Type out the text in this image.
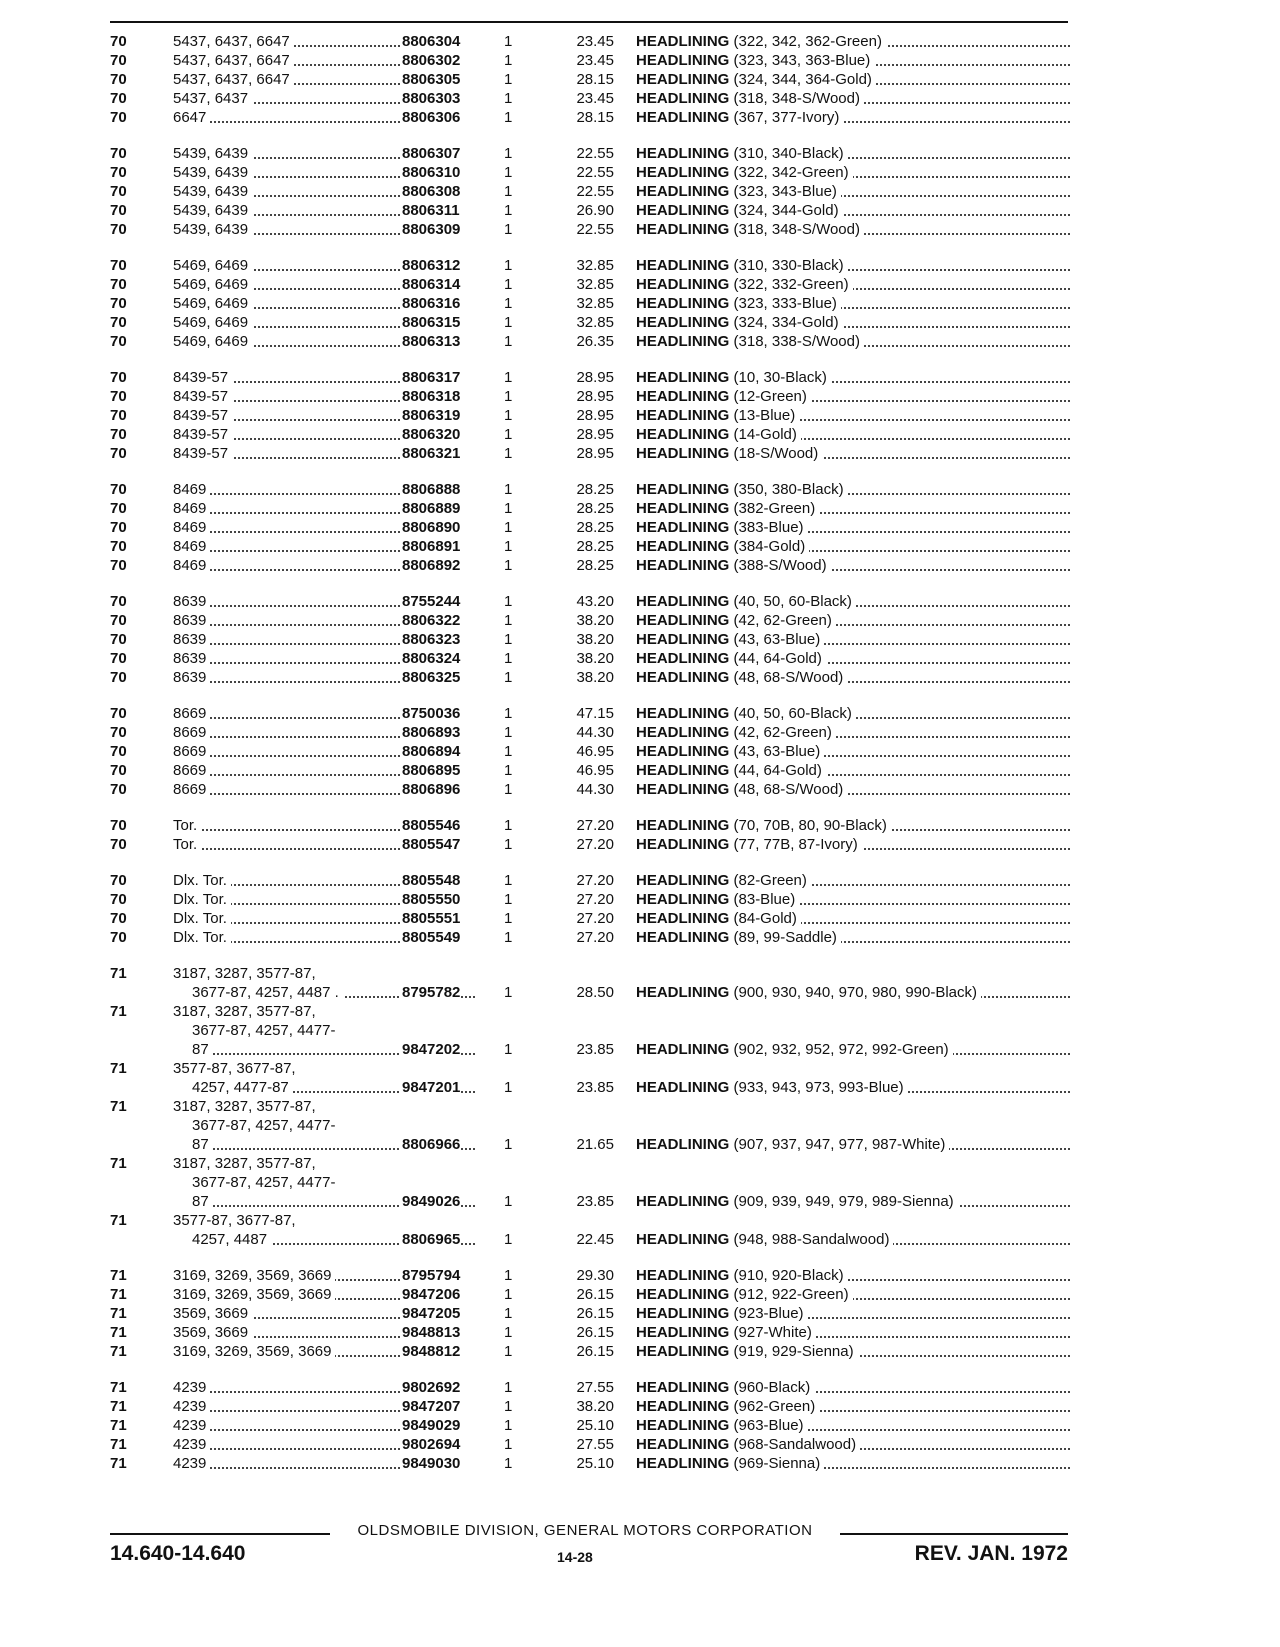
70	5437, 6437, 6647	8806304	1	23.45 HEADLINING (322, 342, 362-Green)
70	5437, 6437, 6647	8806302	1	23.45 HEADLINING (323, 343, 363-Blue)
70	5437, 6437, 6647	8806305	1	28.15 HEADLINING (324, 344, 364-Gold)
70	5437, 6437	8806303	1	23.45 HEADLINING (318, 348-S/Wood)
70	6647	8806306	1	28.15 HEADLINING (367, 377-Ivory)
70	5439, 6439	8806307	1	22.55 HEADLINING (310, 340-Black)
70	5439, 6439	8806310	1	22.55 HEADLINING (322, 342-Green)
70	5439, 6439	8806308	1	22.55 HEADLINING (323, 343-Blue)
70	5439, 6439	8806311	1	26.90 HEADLINING (324, 344-Gold)
70	5439, 6439	8806309	1	22.55 HEADLINING (318, 348-S/Wood)
70	5469, 6469	8806312	1	32.85 HEADLINING (310, 330-Black)
70	5469, 6469	8806314	1	32.85 HEADLINING (322, 332-Green)
70	5469, 6469	8806316	1	32.85 HEADLINING (323, 333-Blue)
70	5469, 6469	8806315	1	32.85 HEADLINING (324, 334-Gold)
70	5469, 6469	8806313	1	26.35 HEADLINING (318, 338-S/Wood)
70	8439-57	8806317	1	28.95 HEADLINING (10, 30-Black)
70	8439-57	8806318	1	28.95 HEADLINING (12-Green)
70	8439-57	8806319	1	28.95 HEADLINING (13-Blue)
70	8439-57	8806320	1	28.95 HEADLINING (14-Gold)
70	8439-57	8806321	1	28.95 HEADLINING (18-S/Wood)
70	8469	8806888	1	28.25 HEADLINING (350, 380-Black)
70	8469	8806889	1	28.25 HEADLINING (382-Green)
70	8469	8806890	1	28.25 HEADLINING (383-Blue)
70	8469	8806891	1	28.25 HEADLINING (384-Gold)
70	8469	8806892	1	28.25 HEADLINING (388-S/Wood)
70	8639	8755244	1	43.20 HEADLINING (40, 50, 60-Black)
70	8639	8806322	1	38.20 HEADLINING (42, 62-Green)
70	8639	8806323	1	38.20 HEADLINING (43, 63-Blue)
70	8639	8806324	1	38.20 HEADLINING (44, 64-Gold)
70	8639	8806325	1	38.20 HEADLINING (48, 68-S/Wood)
70	8669	8750036	1	47.15 HEADLINING (40, 50, 60-Black)
70	8669	8806893	1	44.30 HEADLINING (42, 62-Green)
70	8669	8806894	1	46.95 HEADLINING (43, 63-Blue)
70	8669	8806895	1	46.95 HEADLINING (44, 64-Gold)
70	8669	8806896	1	44.30 HEADLINING (48, 68-S/Wood)
70	Tor.	8805546	1	27.20 HEADLINING (70, 70B, 80, 90-Black)
70	Tor.	8805547	1	27.20 HEADLINING (77, 77B, 87-Ivory)
70	Dlx. Tor.	8805548	1	27.20 HEADLINING (82-Green)
70	Dlx. Tor.	8805550	1	27.20 HEADLINING (83-Blue)
70	Dlx. Tor.	8805551	1	27.20 HEADLINING (84-Gold)
70	Dlx. Tor.	8805549	1	27.20 HEADLINING (89, 99-Saddle)
71	3187, 3287, 3577-87,
3677-87, 4257, 4487 .	8795782	1	28.50 HEADLINING (900, 930, 940, 970, 980, 990-Black)
71	3187, 3287, 3577-87,
3677-87, 4257, 4477-
87	9847202	1	23.85 HEADLINING (902, 932, 952, 972, 992-Green)
71	3577-87, 3677-87,
4257, 4477-87	9847201	1	23.85 HEADLINING (933, 943, 973, 993-Blue)
71	3187, 3287, 3577-87,
3677-87, 4257, 4477-
87	8806966	1	21.65 HEADLINING (907, 937, 947, 977, 987-White)
71	3187, 3287, 3577-87,
3677-87, 4257, 4477-
87	9849026	1	23.85 HEADLINING (909, 939, 949, 979, 989-Sienna)
71	3577-87, 3677-87,
4257, 4487	8806965	1	22.45 HEADLINING (948, 988-Sandalwood)
71	3169, 3269, 3569, 3669	8795794	1	29.30 HEADLINING (910, 920-Black)
71	3169, 3269, 3569, 3669	9847206	1	26.15 HEADLINING (912, 922-Green)
71	3569, 3669	9847205	1	26.15 HEADLINING (923-Blue)
71	3569, 3669	9848813	1	26.15 HEADLINING (927-White)
71	3169, 3269, 3569, 3669	9848812	1	26.15 HEADLINING (919, 929-Sienna)
71	4239	9802692	1	27.55 HEADLINING (960-Black)
71	4239	9847207	1	38.20 HEADLINING (962-Green)
71	4239	9849029	1	25.10 HEADLINING (963-Blue)
71	4239	9802694	1	27.55 HEADLINING (968-Sandalwood)
71	4239	9849030	1	25.10 HEADLINING (969-Sienna)
OLDSMOBILE DIVISION, GENERAL MOTORS CORPORATION
14.640-14.640	14-28	REV. JAN. 1972
